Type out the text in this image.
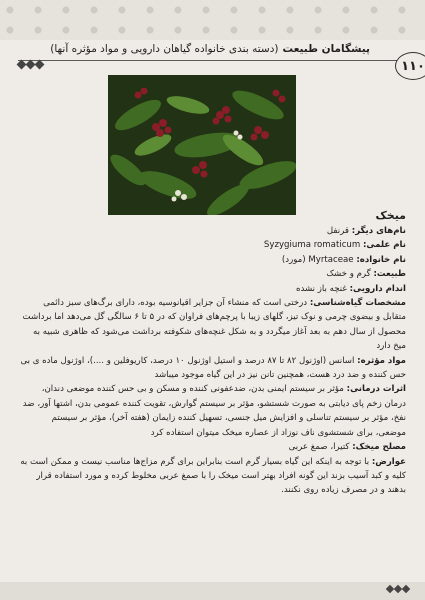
پیشگامان طبیعت
(دسته بندی خانواده گیاهان دارویی و مواد مؤثره آنها)
۱۱۰

میخک

نام‌های دیگر: قرنفل

نام علمی: Syzygiuma romaticum

نام خانواده: Myrtaceae (مورد)

طبیعت: گرم و خشک

اندام دارویی: غنچه باز نشده

مشخصات گیاه‌شناسی: درختی است که منشاء آن جزایر اقیانوسیه بوده، دارای برگ‌های سبز دائمی متقابل و بیضوی چرمی و نوک تیز، گلهای زیبا با پرچم‌های فراوان که در ۵ تا ۶ سالگی گل می‌دهد اما برداشت محصول از سال دهم به بعد آغاز میگردد و به شکل غنچه‌های شکوفته برداشت می‌شود که ظاهری شبیه به میخ دارد

مواد مؤثره: اسانس (اوژنول ۸۲ تا ۸۷ درصد و استیل اوژنول ۱۰ درصد، کاریوفلین و ....)، اوژنول ماده ی بی حس کننده و ضد درد هست، همچنین تانن نیز در این گیاه موجود میباشد

اثرات درمانی: مؤثر بر سیستم ایمنی بدن، ضدعفونی کننده و مسکن و بی حس کننده موضعی دندان، درمان زخم پای دیابتی به صورت شستشو، مؤثر بر سیستم گوارش، تقویت کننده عمومی بدن، اشتها آور، ضد نفخ، مؤثر بر سیستم تناسلی و افزایش میل جنسی، تسهیل کننده زایمان (هفته آخر)، مؤثر بر سیستم موضعی، برای شستشوی ناف نوزاد از عصاره میخک میتوان استفاده کرد

مصلح میخک: کتیرا، صمغ عربی

عوارض: با توجه به اینکه این گیاه بسیار گرم است بنابراین برای گرم مزاج‌ها مناسب نیست و ممکن است به کلیه و کبد آسیب بزند این گونه افراد بهتر است میخک را با صمغ عربی مخلوط کرده و مورد استفاده قرار بدهند و در مصرف زیاده روی نکنند.
